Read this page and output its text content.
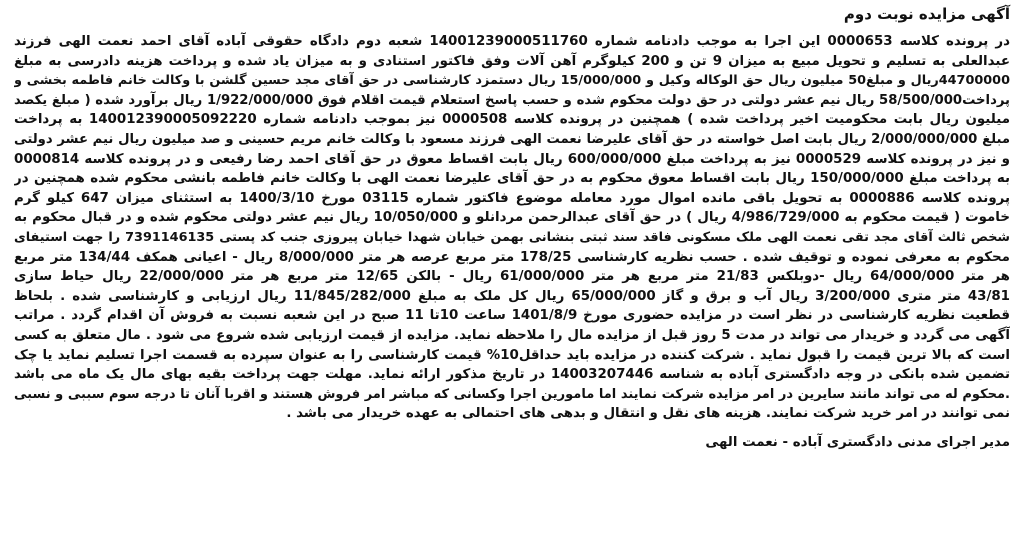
آگهی مزایده نوبت دوم
در پرونده کلاسه 0000653 این اجرا به موجب دادنامه شماره 14001239000511760 شعبه دوم دادگاه حقوقی آباده آقای احمد نعمت الهی فرزند
عبدالعلی به تسلیم و تحویل مبیع به میزان 9 تن و 200 کیلوگرم آهن آلات وفق فاکتور استنادی و به میزان یاد شده و پرداخت هزینه دادرسی به مبلغ
44700000ریال و مبلغ50 میلیون ریال حق الوکاله وکیل و 15/000/000 ریال دستمزد کارشناسی در حق آقای مجد حسین گلشن با وکالت خانم فاطمه بخشی و
پرداخت58/500/000 ریال نیم عشر دولتی در حق دولت محکوم شده و حسب پاسخ استعلام قیمت اقلام فوق 1/922/000/000 ریال برآورد شده ( مبلغ یکصد
میلیون ریال بابت محکومیت اخیر پرداخت شده ) همچنین در پرونده کلاسه 0000508 نیز بموجب دادنامه شماره 140012390005092220 به پرداخت
مبلغ 2/000/000/000 ریال بابت اصل خواسته در حق آقای علیرضا نعمت الهی فرزند مسعود با وکالت خانم مریم حسینی و صد میلیون ریال نیم عشر دولتی
و نیز در پرونده کلاسه 0000529 نیز به پرداخت مبلغ 600/000/000 ریال بابت اقساط معوق در حق آقای احمد رضا رفیعی و در پرونده کلاسه 0000814
به پرداخت مبلغ 150/000/000 ریال بابت اقساط معوق محکوم به در حق آقای علیرضا نعمت الهی با وکالت خانم فاطمه بانشی محکوم شده همچنین در
پرونده کلاسه 0000886 به تحویل باقی مانده اموال مورد معامله موضوع فاکتور شماره 03115 مورخ 1400/3/10 به استثنای میزان 647 کیلو گرم
خاموت ( قیمت محکوم به 4/986/729/000 ریال ) در حق آقای عبدالرحمن مردانلو و 10/050/000 ریال نیم عشر دولتی محکوم شده و در قبال محکوم به
شخص ثالث آقای مجد تقی نعمت الهی ملک مسکونی فاقد سند ثبتی بنشانی بهمن خیابان شهدا خیابان پیروزی جنب کد پستی 7391146135 را جهت استیفای
محکوم به معرفی نموده و توقیف شده . حسب نظریه کارشناسی 178/25 متر مربع عرصه هر متر 8/000/000 ریال - اعیانی همکف 134/44 متر مربع
هر متر 64/000/000 ریال -دوبلکس 21/83 متر مربع هر متر 61/000/000 ریال - بالکن 12/65 متر مربع هر متر 22/000/000 ریال حیاط سازی
43/81 متر متری 3/200/000 ریال آب و برق و گاز 65/000/000 ریال کل ملک به مبلغ 11/845/282/000 ریال ارزیابی و کارشناسی شده . بلحاظ
قطعیت نظریه کارشناسی در نظر است در مزایده حضوری مورخ 1401/8/9 ساعت 10تا 11 صبح در این شعبه نسبت به فروش آن اقدام گردد . مراتب
آگهی می گردد و خریدار می تواند در مدت 5 روز قبل از مزایده مال را ملاحظه نماید. مزایده از قیمت ارزیابی شده شروع می شود . مال متعلق به کسی
است که بالا ترین قیمت را قبول نماید . شرکت کننده در مزایده باید حداقل10% قیمت کارشناسی را به عنوان سپرده به قسمت اجرا تسلیم نماید یا چک
تضمین شده بانکی در وجه دادگستری آباده به شناسه 14003207446 در تاریخ مذکور ارائه نماید. مهلت جهت پرداخت بقیه بهای مال یک ماه می باشد
.محکوم له می تواند مانند سایرین در امر مزایده شرکت نمایند اما مامورین اجرا وکسانی که مباشر امر فروش هستند و اقربا آنان تا درجه سوم سببی و نسبی
نمی توانند در امر خرید شرکت نمایند. هزینه های نقل و انتقال و بدهی های احتمالی به عهده خریدار می باشد .
مدیر اجرای مدنی دادگستری آباده - نعمت الهی
